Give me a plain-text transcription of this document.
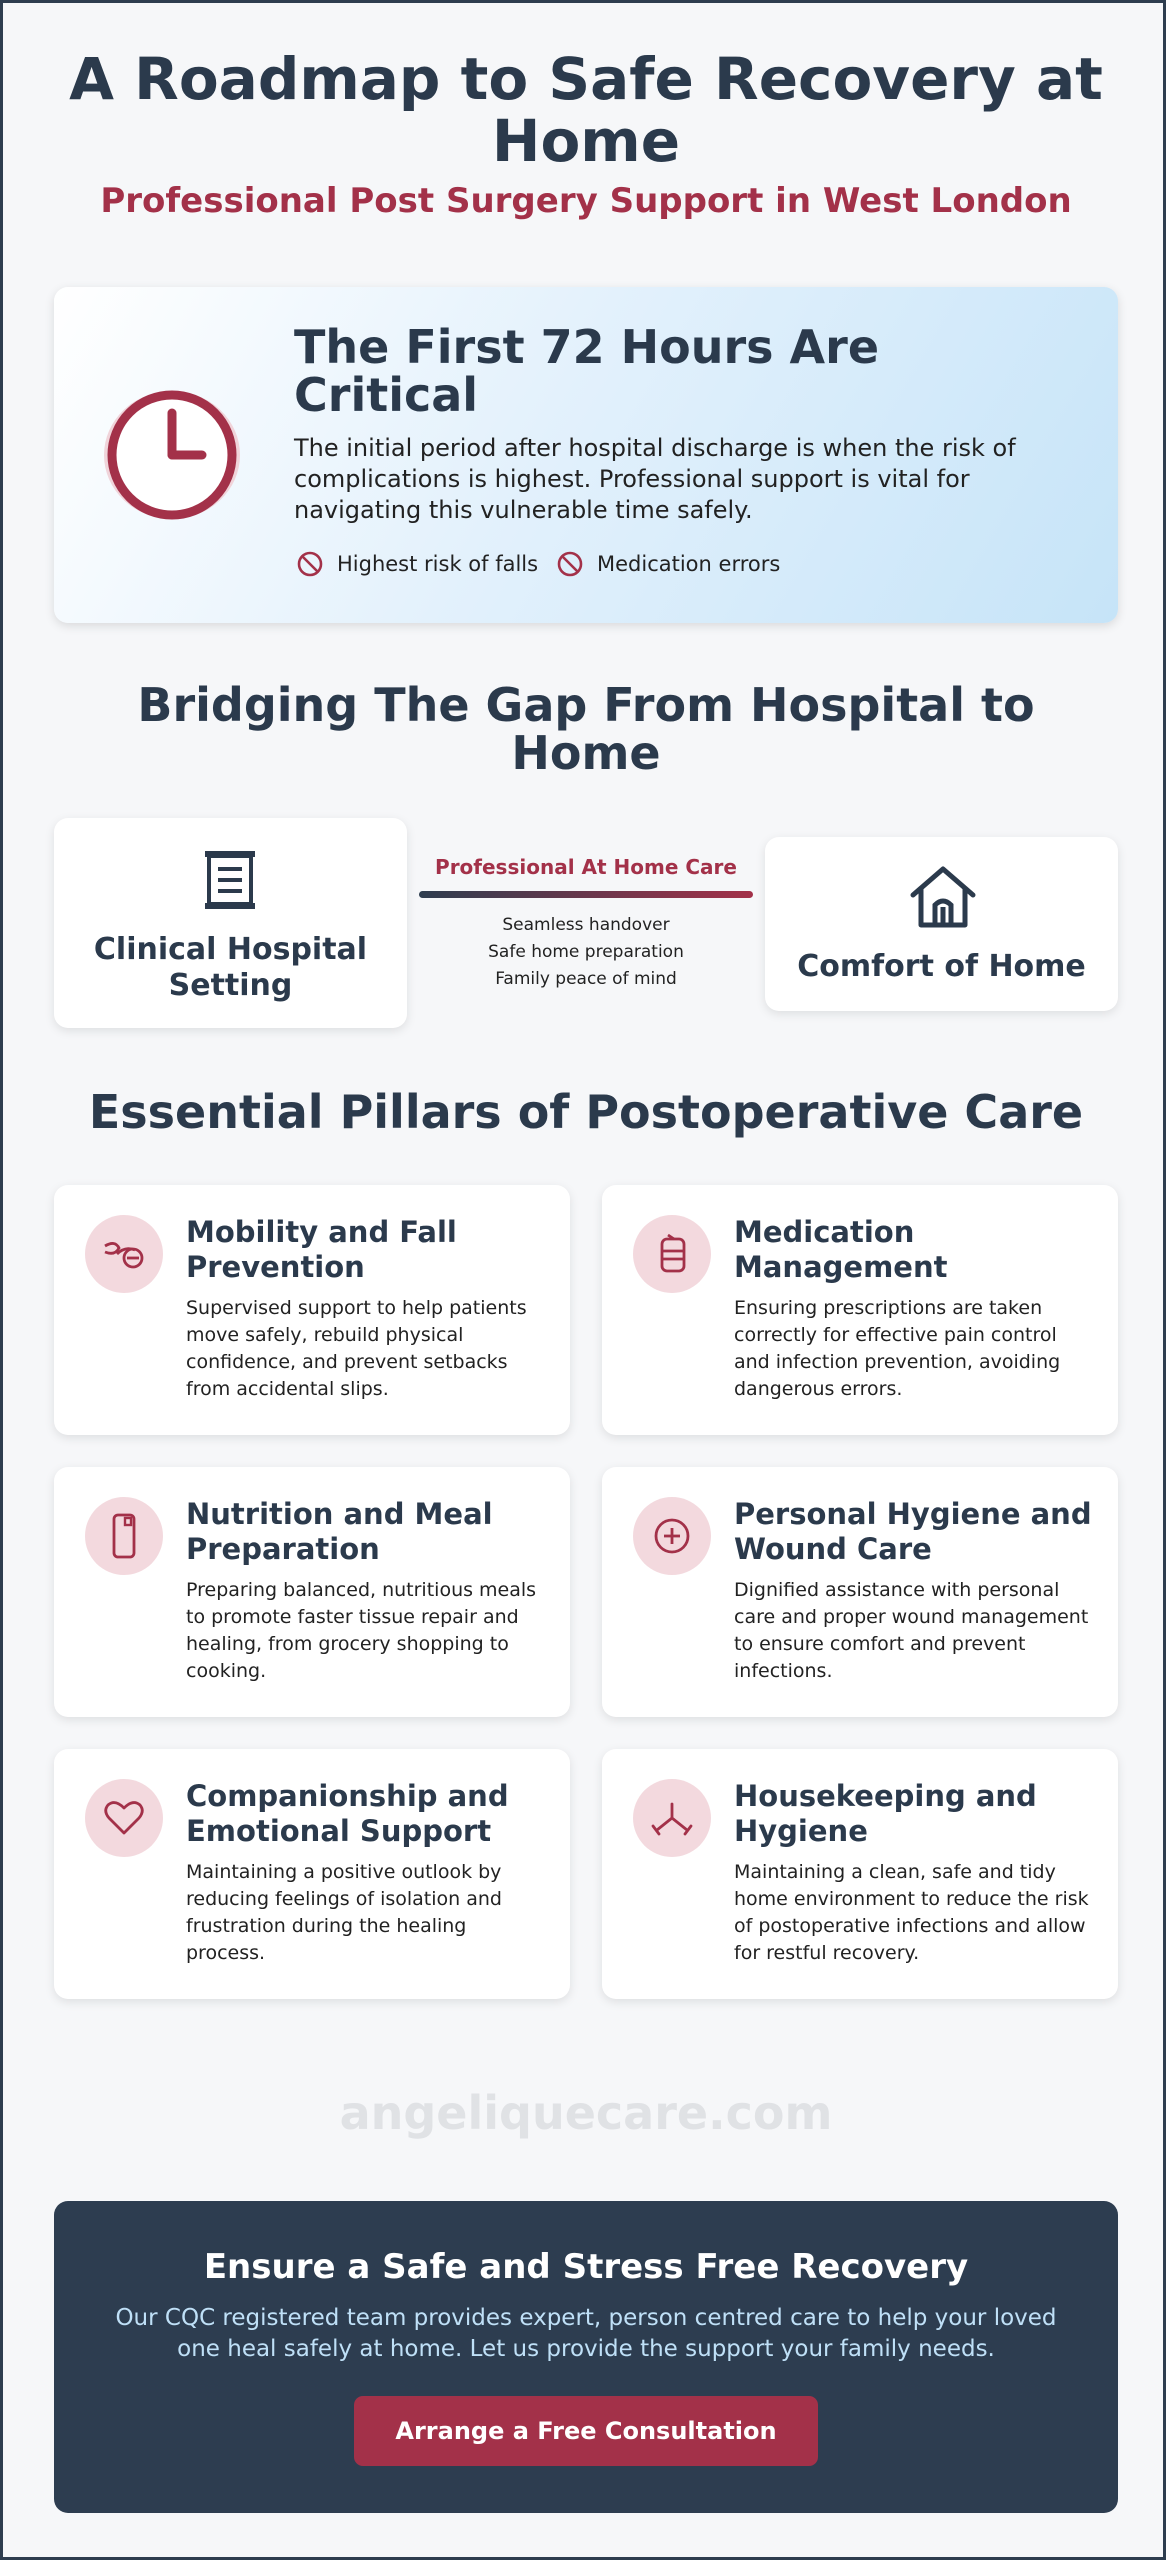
A Roadmap to Safe Recovery at Home
Professional Post Surgery Support in West London
The First 72 Hours Are Critical

The initial period after hospital discharge is when the risk of complications is highest. Professional support is vital for navigating this vulnerable time safely.

Highest risk of falls	Medication errors
Bridging The Gap From Hospital to Home
Clinical Hospital Setting
Professional At Home Care
Seamless handover
Safe home preparation
Family peace of mind	Comfort of Home
Essential Pillars of Postoperative Care
Mobility and Fall Prevention
Supervised support to help patients move safely, rebuild physical confidence, and prevent setbacks from accidental slips.
Medication Management
Ensuring prescriptions are taken correctly for effective pain control and infection prevention, avoiding dangerous errors.
Nutrition and Meal Preparation
Preparing balanced, nutritious meals to promote faster tissue repair and healing, from grocery shopping to cooking.
Personal Hygiene and Wound Care
Dignified assistance with personal care and proper wound management to ensure comfort and prevent infections.
Companionship and Emotional Support
Maintaining a positive outlook by reducing feelings of isolation and frustration during the healing process.
Housekeeping and Hygiene
Maintaining a clean, safe and tidy home environment to reduce the risk of postoperative infections and allow for restful recovery.
angeliquecare.com
Ensure a Safe and Stress Free Recovery

Our CQC registered team provides expert, person centred care to help your loved one heal safely at home. Let us provide the support your family needs.

Arrange a Free Consultation
